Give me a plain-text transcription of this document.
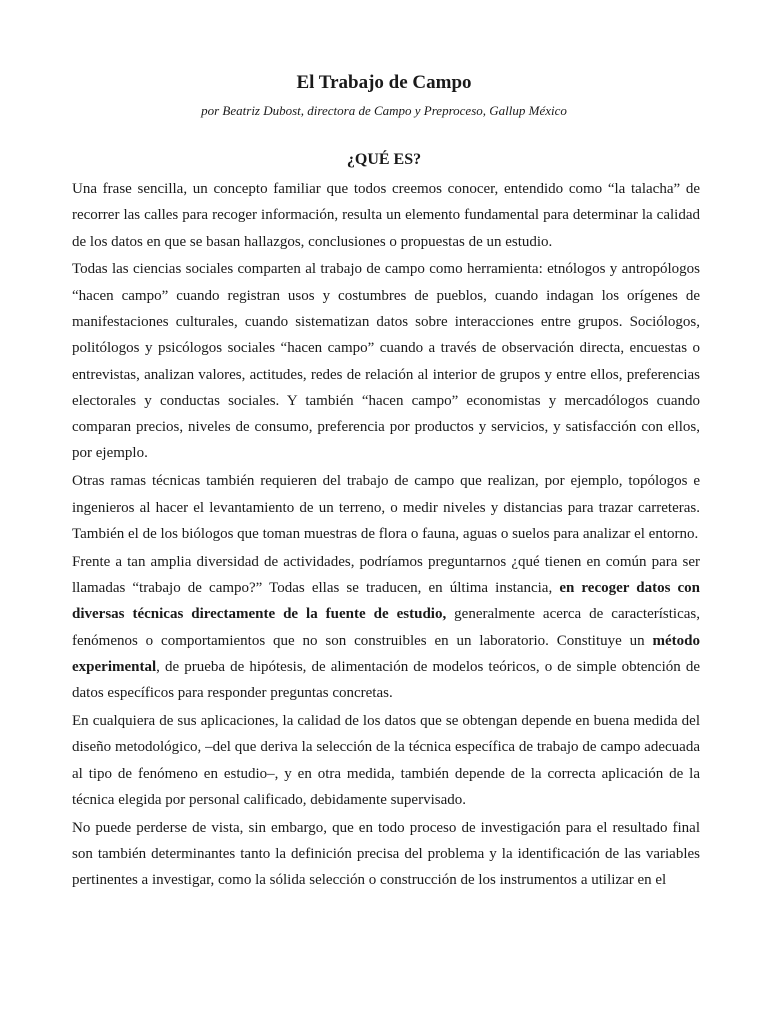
El Trabajo de Campo
por Beatriz Dubost, directora de Campo y Preproceso, Gallup México
¿QUÉ ES?

Una frase sencilla, un concepto familiar que todos creemos conocer, entendido como “la talacha” de recorrer las calles para recoger información, resulta un elemento fundamental para determinar la calidad de los datos en que se basan hallazgos, conclusiones o propuestas de un estudio.

Todas las ciencias sociales comparten al trabajo de campo como herramienta: etnólogos y antropólogos “hacen campo” cuando registran usos y costumbres de pueblos, cuando indagan los orígenes de manifestaciones culturales, cuando sistematizan datos sobre interacciones entre grupos. Sociólogos, politólogos y psicólogos sociales “hacen campo” cuando a través de observación directa, encuestas o entrevistas, analizan valores, actitudes, redes de relación al interior de grupos y entre ellos, preferencias electorales y conductas sociales. Y también “hacen campo” economistas y mercadólogos cuando comparan precios, niveles de consumo, preferencia por productos y servicios, y satisfacción con ellos, por ejemplo.

Otras ramas técnicas también requieren del trabajo de campo que realizan, por ejemplo, topólogos e ingenieros al hacer el levantamiento de un terreno, o medir niveles y distancias para trazar carreteras. También el de los biólogos que toman muestras de flora o fauna, aguas o suelos para analizar el entorno.

Frente a tan amplia diversidad de actividades, podríamos preguntarnos ¿qué tienen en común para ser llamadas “trabajo de campo?” Todas ellas se traducen, en última instancia, en recoger datos con diversas técnicas directamente de la fuente de estudio, generalmente acerca de características, fenómenos o comportamientos que no son construibles en un laboratorio. Constituye un método experimental, de prueba de hipótesis, de alimentación de modelos teóricos, o de simple obtención de datos específicos para responder preguntas concretas.

En cualquiera de sus aplicaciones, la calidad de los datos que se obtengan depende en buena medida del diseño metodológico, –del que deriva la selección de la técnica específica de trabajo de campo adecuada al tipo de fenómeno en estudio–, y en otra medida, también depende de la correcta aplicación de la técnica elegida por personal calificado, debidamente supervisado.

No puede perderse de vista, sin embargo, que en todo proceso de investigación para el resultado final son también determinantes tanto la definición precisa del problema y la identificación de las variables pertinentes a investigar, como la sólida selección o construcción de los instrumentos a utilizar en el
